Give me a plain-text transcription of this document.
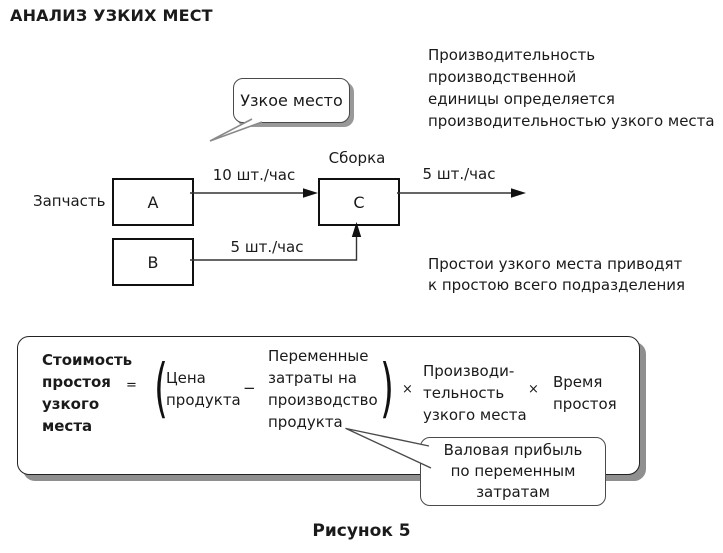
АНАЛИЗ УЗКИХ МЕСТ
Узкое место
Производительность
производственной
единицы определяется
производительностью узкого места
Запчасть	A
B
C
Сборка
10 шт./час	5 шт./час
5 шт./час
Простои узкого места приводят
к простою всего подразделения
Стоимость
простоя
узкого
места
= (
Цена
продукта
−
Переменные
затраты на
производство
продукта ) ×
Производи-
тельность
узкого места
× Время
простоя
Валовая прибыль
по переменным
затратам
Рисунок 5
